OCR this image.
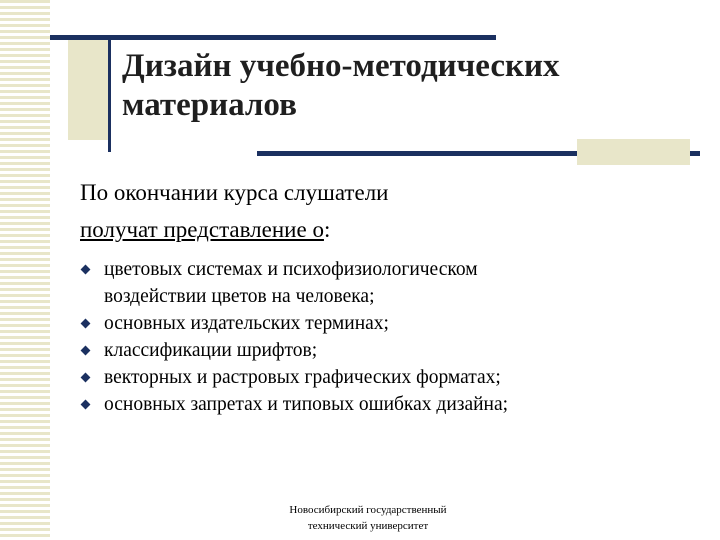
Дизайн учебно-методических
материалов
По окончании курса слушатели
получат представление о:
цветовых системах и психофизиологическом
воздействии цветов на человека;
основных издательских терминах;
классификации шрифтов;
векторных и растровых графических форматах;
основных запретах и типовых ошибках дизайна;
Новосибирский государственный
технический университет
